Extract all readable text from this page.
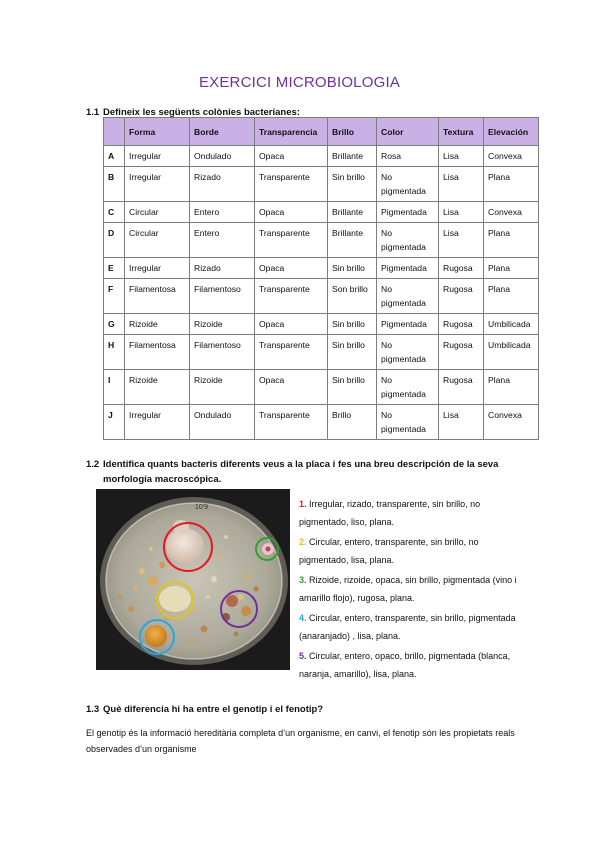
EXERCICI MICROBIOLOGIA
1.1 Defineix les següents colònies bacterianes:
	Forma	Borde	Transparencia	Brillo	Color	Textura	Elevación
A	Irregular	Ondulado	Opaca	Brillante	Rosa	Lisa	Convexa
B	Irregular	Rizado	Transparente	Sin brillo	No pigmentada	Lisa	Plana
C	Circular	Entero	Opaca	Brillante	Pigmentada	Lisa	Convexa
D	Circular	Entero	Transparente	Brillante	No pigmentada	Lisa	Plana
E	Irregular	Rizado	Opaca	Sin brillo	Pigmentada	Rugosa	Plana
F	Filamentosa	Filamentoso	Transparente	Son brillo	No pigmentada	Rugosa	Plana
G	Rizoide	Rizoide	Opaca	Sin brillo	Pigmentada	Rugosa	Umbilicada
H	Filamentosa	Filamentoso	Transparente	Sin brillo	No pigmentada	Rugosa	Umbilicada
I	Rizoide	Rizoide	Opaca	Sin brillo	No pigmentada	Rugosa	Plana
J	Irregular	Ondulado	Transparente	Brillo	No pigmentada	Lisa	Convexa
1.2 Identifica quants bacteris diferents veus a la placa i fes una breu descripción de la seva
morfología macroscópica.
10'9	1. Irregular, rizado, transparente, sin brillo, no pigmentado, liso, plana.
2. Circular, entero, transparente, sin brillo, no pigmentado, lisa, plana.
3. Rizoide, rizoide, opaca, sin brillo, pigmentada (vino i amarillo flojo), rugosa, plana.
4. Circular, entero, transparente, sin brillo, pigmentada (anaranjado) , lisa, plana.
5. Circular, entero, opaco, brillo, pigmentada (blanca, naranja, amarillo), lisa, plana.
1.3 Què diferencia hi ha entre el genotip i el fenotip?
El genotip és la informació hereditària completa d’un organisme, en canvi, el fenotip són les propietats reals observades d’un organisme
